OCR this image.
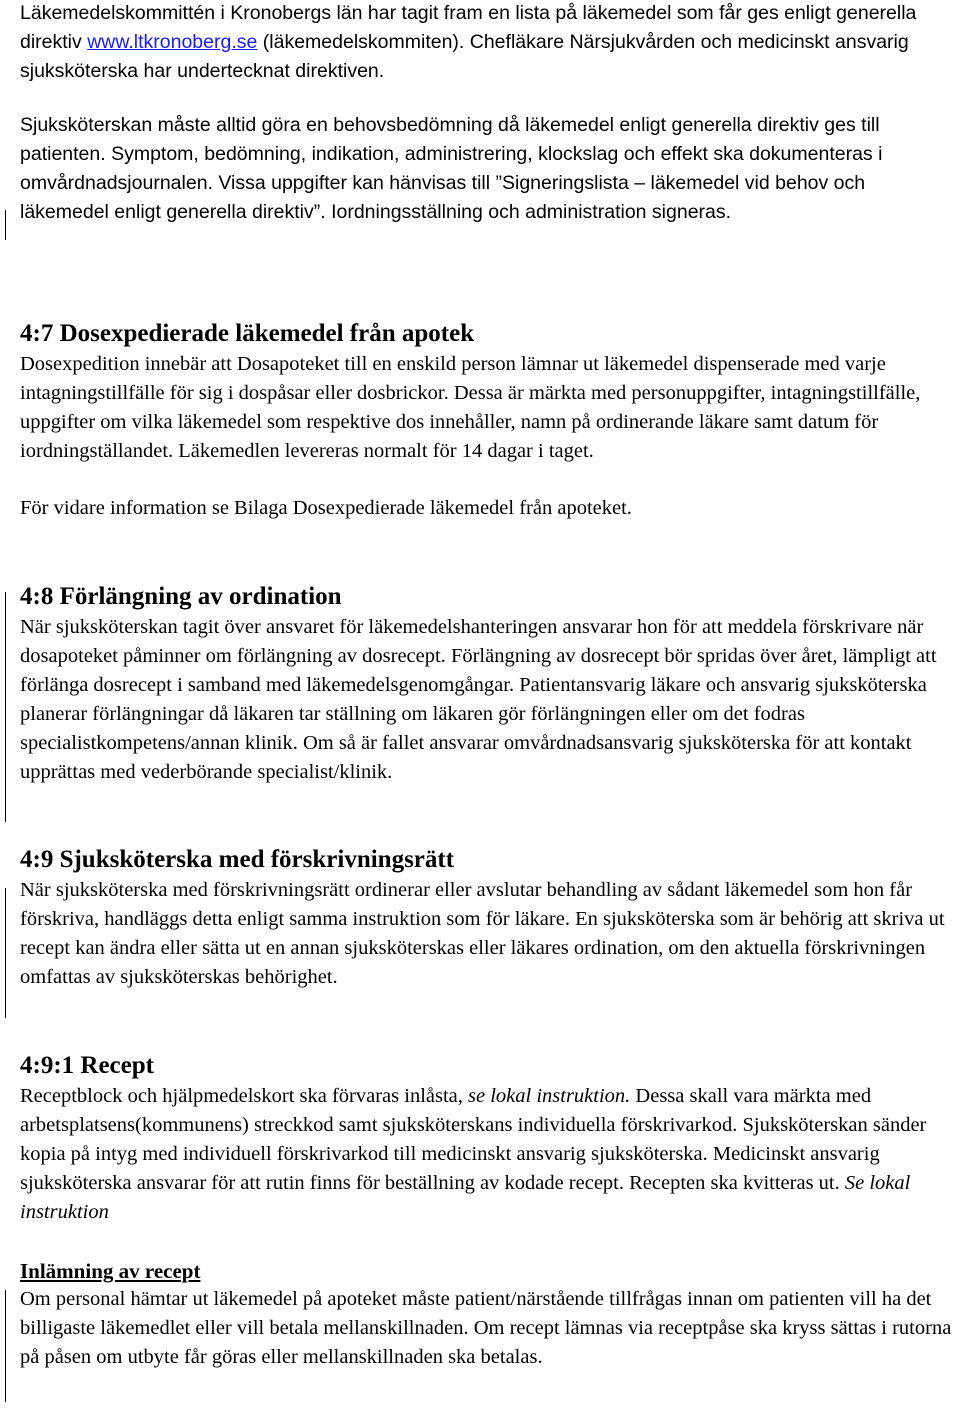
Läkemedelskommittén i Kronobergs län har tagit fram en lista på läkemedel som får ges enligt generella direktiv www.ltkronoberg.se (läkemedelskommiten). Chefläkare Närsjukvården och medicinskt ansvarig sjuksköterska har undertecknat direktiven.

Sjuksköterskan måste alltid göra en behovsbedömning då läkemedel enligt generella direktiv ges till patienten. Symptom, bedömning, indikation, administrering, klockslag och effekt ska dokumenteras i omvårdnadsjournalen. Vissa uppgifter kan hänvisas till ”Signeringslista – läkemedel vid behov och läkemedel enligt generella direktiv”. Iordningsställning och administration signeras.

4:7 Dosexpedierade läkemedel från apotek

Dosexpedition innebär att Dosapoteket till en enskild person lämnar ut läkemedel dispenserade med varje intagningstillfälle för sig i dospåsar eller dosbrickor. Dessa är märkta med personuppgifter, intagningstillfälle, uppgifter om vilka läkemedel som respektive dos innehåller, namn på ordinerande läkare samt datum för iordningställandet. Läkemedlen levereras normalt för 14 dagar i taget.

För vidare information se Bilaga Dosexpedierade läkemedel från apoteket.

4:8 Förlängning av ordination

När sjuksköterskan tagit över ansvaret för läkemedelshanteringen ansvarar hon för att meddela förskrivare när dosapoteket påminner om förlängning av dosrecept. Förlängning av dosrecept bör spridas över året, lämpligt att förlänga dosrecept i samband med läkemedelsgenomgångar. Patientansvarig läkare och ansvarig sjuksköterska planerar förlängningar då läkaren tar ställning om läkaren gör förlängningen eller om det fodras specialistkompetens/annan klinik. Om så är fallet ansvarar omvårdnadsansvarig sjuksköterska för att kontakt upprättas med vederbörande specialist/klinik.

4:9 Sjuksköterska med förskrivningsrätt

När sjuksköterska med förskrivningsrätt ordinerar eller avslutar behandling av sådant läkemedel som hon får förskriva, handläggs detta enligt samma instruktion som för läkare. En sjuksköterska som är behörig att skriva ut recept kan ändra eller sätta ut en annan sjuksköterskas eller läkares ordination, om den aktuella förskrivningen omfattas av sjuksköterskas behörighet.

4:9:1 Recept

Receptblock och hjälpmedelskort ska förvaras inlåsta, se lokal instruktion. Dessa skall vara märkta med arbetsplatsens(kommunens) streckkod samt sjuksköterskans individuella förskrivarkod. Sjuksköterskan sänder kopia på intyg med individuell förskrivarkod till medicinskt ansvarig sjuksköterska. Medicinskt ansvarig sjuksköterska ansvarar för att rutin finns för beställning av kodade recept. Recepten ska kvitteras ut. Se lokal instruktion

Inlämning av recept

Om personal hämtar ut läkemedel på apoteket måste patient/närstående tillfrågas innan om patienten vill ha det billigaste läkemedlet eller vill betala mellanskillnaden. Om recept lämnas via receptpåse ska kryss sättas i rutorna på påsen om utbyte får göras eller mellanskillnaden ska betalas.
